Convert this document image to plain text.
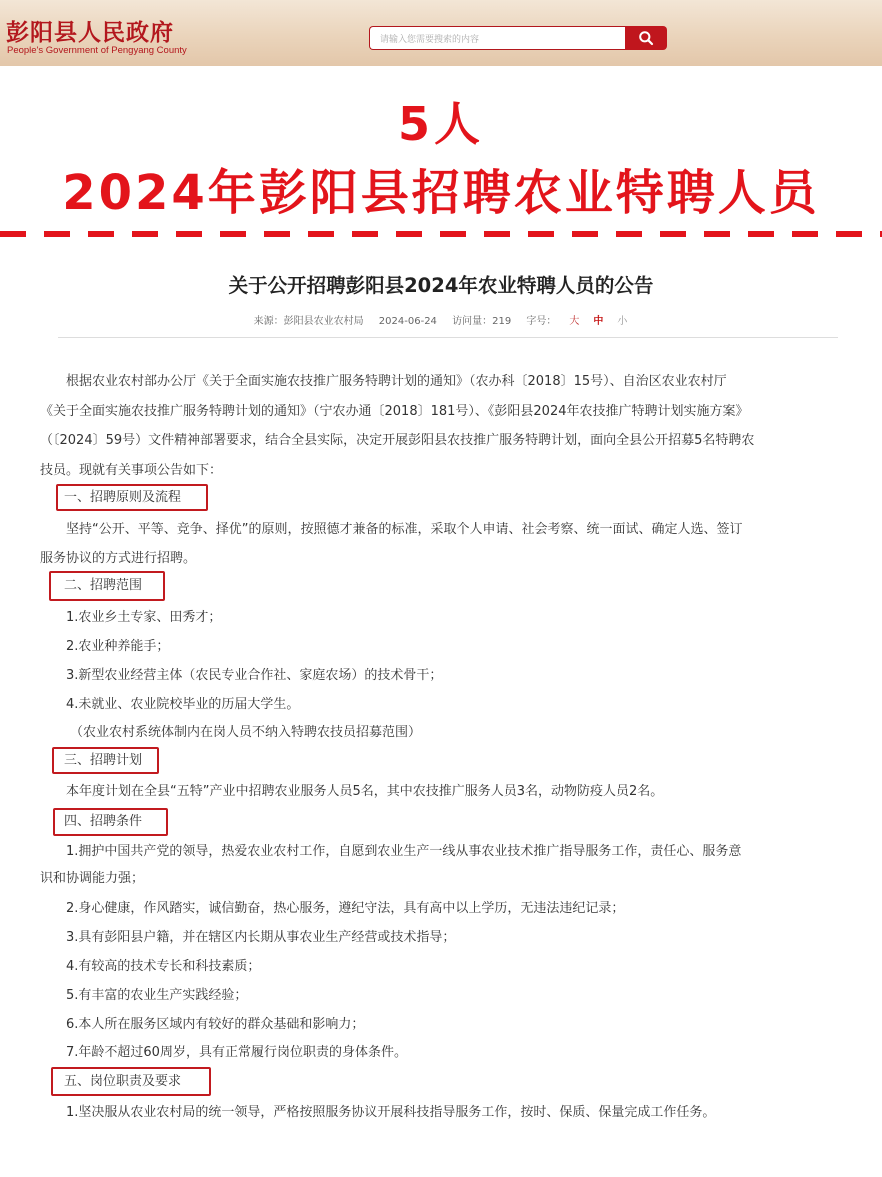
彭阳县人民政府
People's Government of Pengyang County
请输入您需要搜索的内容
5人
2024年彭阳县招聘农业特聘人员
关于公开招聘彭阳县2024年农业特聘人员的公告
来源：彭阳县农业农村局 2024-06-24 访问量：219 字号： 大 中 小
根据农业农村部办公厅《关于全面实施农技推广服务特聘计划的通知》（农办科〔2018〕15号）、自治区农业农村厅
《关于全面实施农技推广服务特聘计划的通知》（宁农办通〔2018〕181号）、《彭阳县2024年农技推广特聘计划实施方案》
（〔2024〕59号）文件精神部署要求，结合全县实际，决定开展彭阳县农技推广服务特聘计划，面向全县公开招募5名特聘农
技员。现就有关事项公告如下：
一、招聘原则及流程
坚持“公开、平等、竞争、择优”的原则，按照德才兼备的标准，采取个人申请、社会考察、统一面试、确定人选、签订
服务协议的方式进行招聘。
二、招聘范围
1.农业乡土专家、田秀才；
2.农业种养能手；
3.新型农业经营主体（农民专业合作社、家庭农场）的技术骨干；
4.未就业、农业院校毕业的历届大学生。
（农业农村系统体制内在岗人员不纳入特聘农技员招募范围）
三、招聘计划
本年度计划在全县“五特”产业中招聘农业服务人员5名，其中农技推广服务人员3名，动物防疫人员2名。
四、招聘条件
1.拥护中国共产党的领导，热爱农业农村工作，自愿到农业生产一线从事农业技术推广指导服务工作，责任心、服务意
识和协调能力强；
2.身心健康，作风踏实，诚信勤奋，热心服务，遵纪守法，具有高中以上学历，无违法违纪记录；
3.具有彭阳县户籍，并在辖区内长期从事农业生产经营或技术指导；
4.有较高的技术专长和科技素质；
5.有丰富的农业生产实践经验；
6.本人所在服务区域内有较好的群众基础和影响力；
7.年龄不超过60周岁，具有正常履行岗位职责的身体条件。
五、岗位职责及要求
1.坚决服从农业农村局的统一领导，严格按照服务协议开展科技指导服务工作，按时、保质、保量完成工作任务。
